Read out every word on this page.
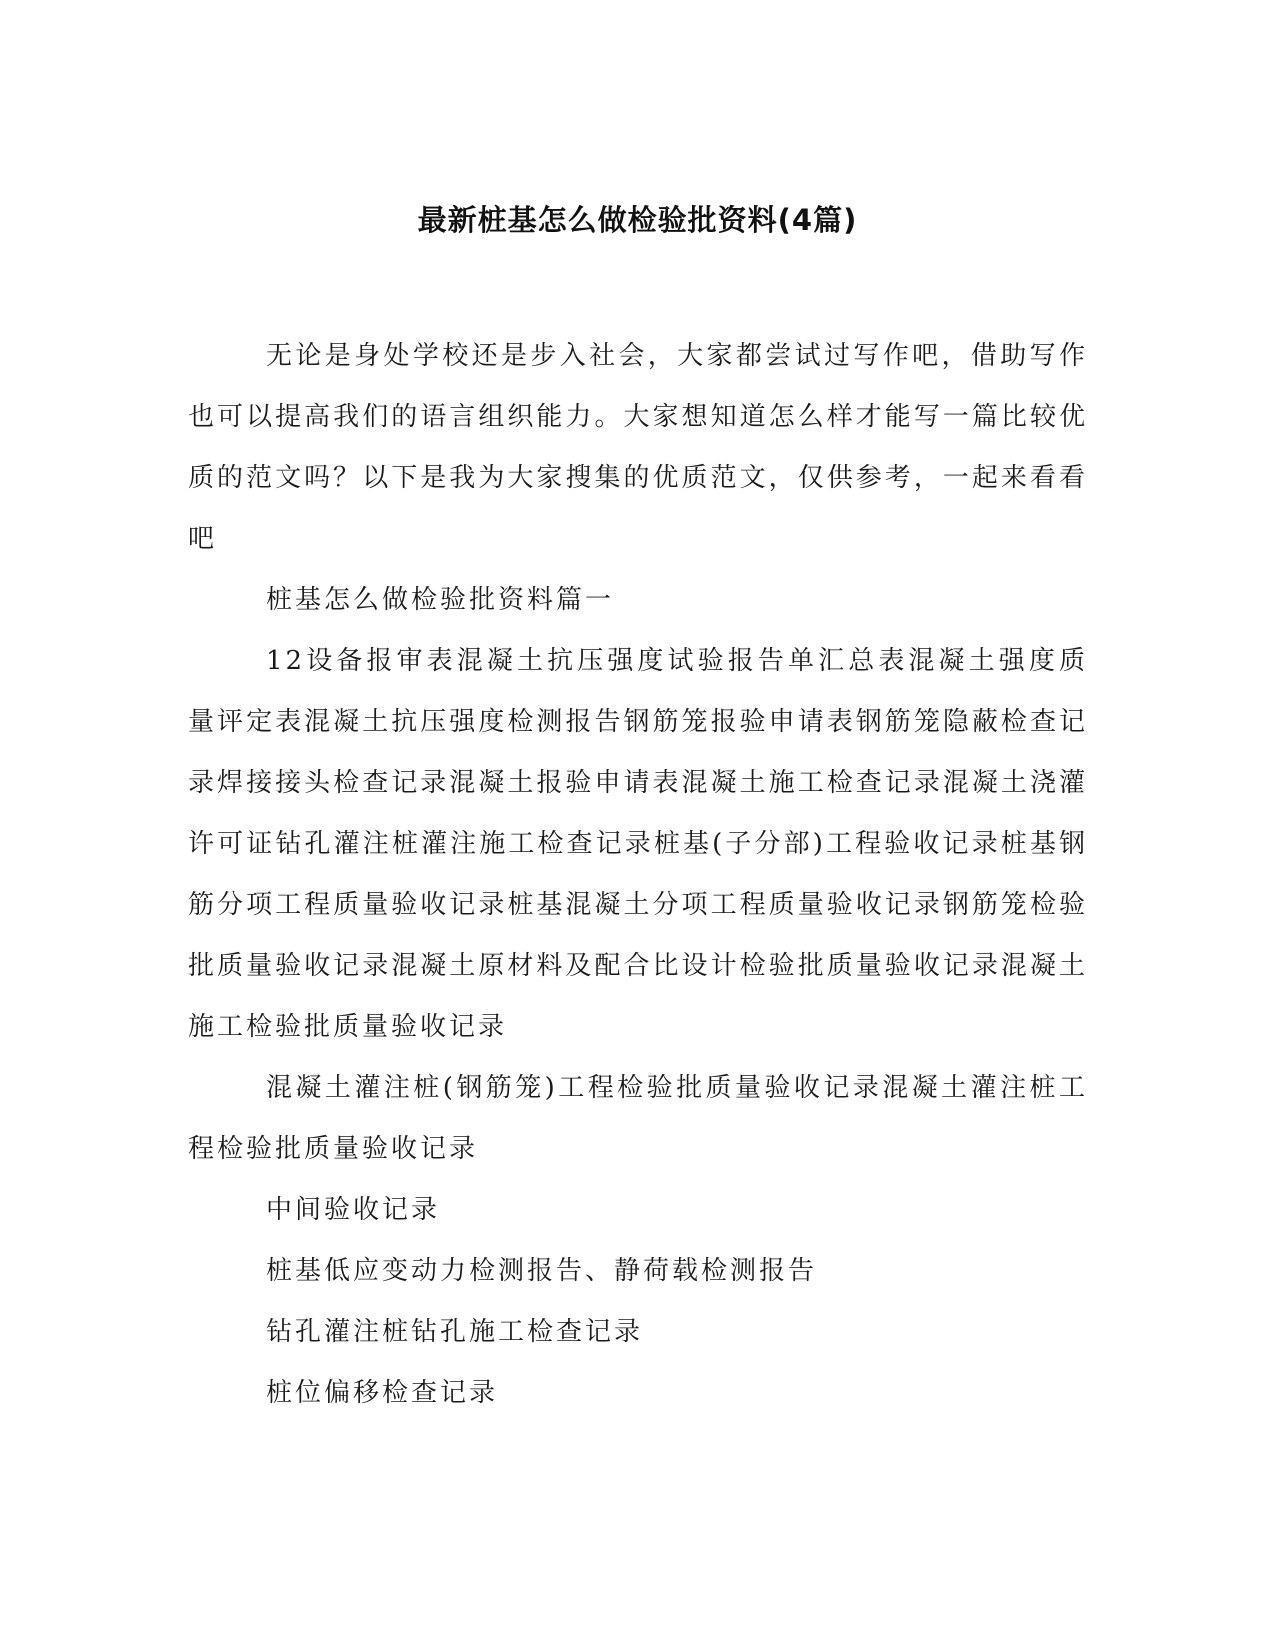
最新桩基怎么做检验批资料(4篇)

无论是身处学校还是步入社会，大家都尝试过写作吧，借助写作也可以提高我们的语言组织能力。大家想知道怎么样才能写一篇比较优质的范文吗？以下是我为大家搜集的优质范文，仅供参考，一起来看看吧

桩基怎么做检验批资料篇一

12设备报审表混凝土抗压强度试验报告单汇总表混凝土强度质量评定表混凝土抗压强度检测报告钢筋笼报验申请表钢筋笼隐蔽检查记录焊接接头检查记录混凝土报验申请表混凝土施工检查记录混凝土浇灌许可证钻孔灌注桩灌注施工检查记录桩基(子分部)工程验收记录桩基钢筋分项工程质量验收记录桩基混凝土分项工程质量验收记录钢筋笼检验批质量验收记录混凝土原材料及配合比设计检验批质量验收记录混凝土施工检验批质量验收记录

混凝土灌注桩(钢筋笼)工程检验批质量验收记录混凝土灌注桩工程检验批质量验收记录

中间验收记录

桩基低应变动力检测报告、静荷载检测报告

钻孔灌注桩钻孔施工检查记录

桩位偏移检查记录
